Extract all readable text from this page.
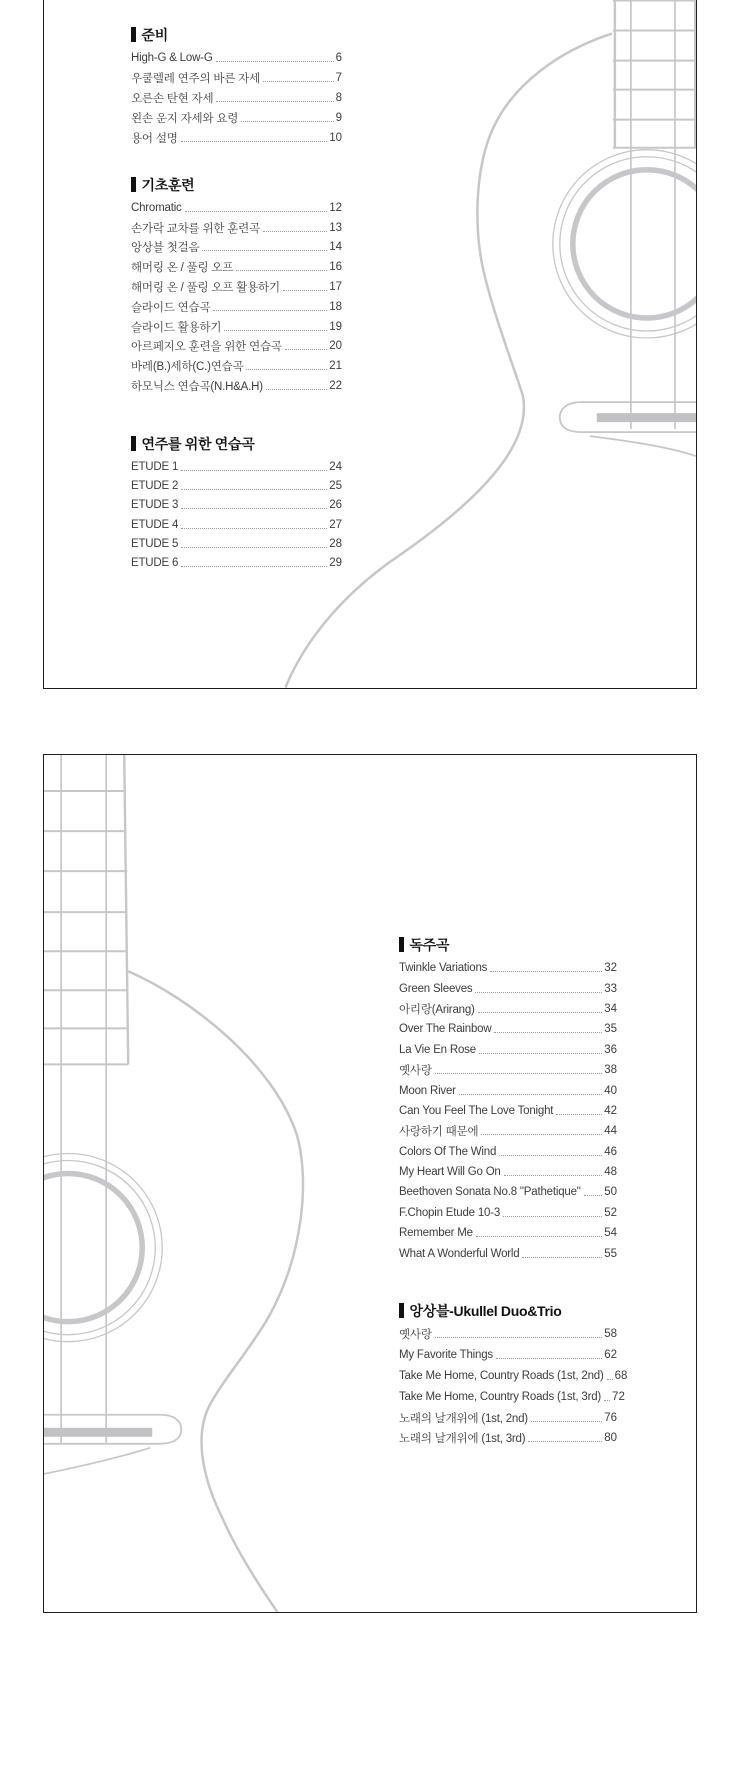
준비
High-G & Low-G	6
우쿨렐레 연주의 바른 자세	7
오른손 탄현 자세	8
왼손 운지 자세와 요령	9
용어 설명	10
기초훈련
Chromatic	12
손가락 교차를 위한 훈련곡	13
앙상블 첫걸음	14
해머링 온 / 풀링 오프	16
해머링 온 / 풀링 오프 활용하기	17
슬라이드 연습곡	18
슬라이드 활용하기	19
아르페지오 훈련을 위한 연습곡	20
바레(B.)세하(C.)연습곡	21
하모닉스 연습곡(N.H&A.H)	22
연주를 위한 연습곡
ETUDE 1	24
ETUDE 2	25
ETUDE 3	26
ETUDE 4	27
ETUDE 5	28
ETUDE 6	29
독주곡
Twinkle Variations	32
Green Sleeves	33
아리랑(Arirang)	34
Over The Rainbow	35
La Vie En Rose	36
옛사랑	38
Moon River	40
Can You Feel The Love Tonight	42
사랑하기 때문에	44
Colors Of The Wind	46
My Heart Will Go On	48
Beethoven Sonata No.8 "Pathetique" 50
F.Chopin Etude 10-3	52
Remember Me	54
What A Wonderful World	55
앙상블-Ukullel Duo&Trio
옛사랑	58
My Favorite Things	62
Take Me Home, Country Roads (1st, 2nd) 68
Take Me Home, Country Roads (1st, 3rd) 72
노래의 날개위에 (1st, 2nd)	76
노래의 날개위에 (1st, 3rd)	80
